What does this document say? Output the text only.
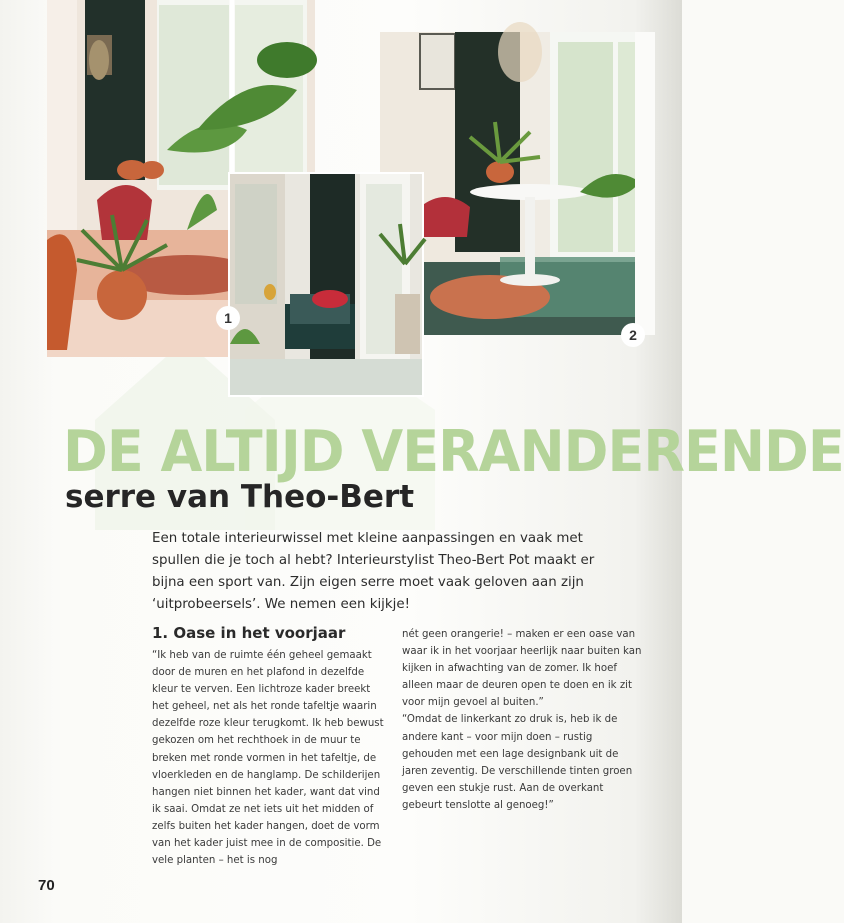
1
2
DE ALTIJD VERANDERENDE
serre van Theo-Bert

Een totale interieurwissel met kleine aanpassingen en vaak met spullen die je toch al hebt? Interieurstylist Theo-Bert Pot maakt er bijna een sport van. Zijn eigen serre moet vaak geloven aan zijn ‘uitprobeersels’. We nemen een kijkje!

1. Oase in het voorjaar

“Ik heb van de ruimte één geheel gemaakt door de muren en het plafond in dezelfde kleur te verven. Een lichtroze kader breekt het geheel, net als het ronde tafeltje waarin dezelfde roze kleur terugkomt. Ik heb bewust gekozen om het rechthoek in de muur te breken met ronde vormen in het tafeltje, de vloerkleden en de hanglamp. De schilderijen hangen niet binnen het kader, want dat vind ik saai. Omdat ze net iets uit het midden of zelfs buiten het kader hangen, doet de vorm van het kader juist mee in de compositie. De vele planten – het is nog

nét geen orangerie! – maken er een oase van waar ik in het voorjaar heerlijk naar buiten kan kijken in afwachting van de zomer. Ik hoef alleen maar de deuren open te doen en ik zit voor mijn gevoel al buiten.”

“Omdat de linkerkant zo druk is, heb ik de andere kant – voor mijn doen – rustig gehouden met een lage designbank uit de jaren zeventig. De verschillende tinten groen geven een stukje rust. Aan de overkant gebeurt tenslotte al genoeg!”

70
